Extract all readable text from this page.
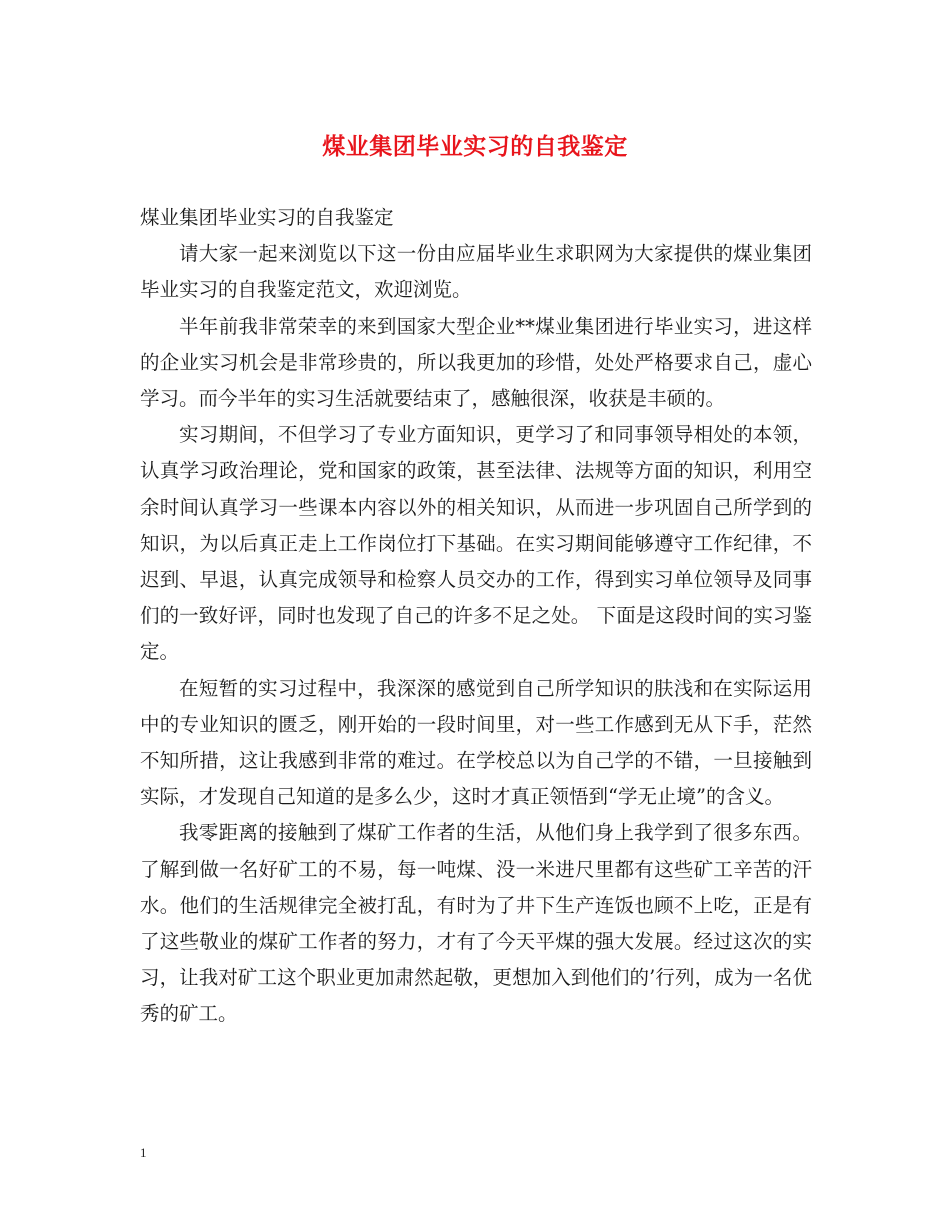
煤业集团毕业实习的自我鉴定

煤业集团毕业实习的自我鉴定

请大家一起来浏览以下这一份由应届毕业生求职网为大家提供的煤业集团毕业实习的自我鉴定范文，欢迎浏览。

半年前我非常荣幸的来到国家大型企业**煤业集团进行毕业实习，进这样的企业实习机会是非常珍贵的，所以我更加的珍惜，处处严格要求自己，虚心学习。而今半年的实习生活就要结束了，感触很深，收获是丰硕的。

实习期间，不但学习了专业方面知识，更学习了和同事领导相处的本领，认真学习政治理论，党和国家的政策，甚至法律、法规等方面的知识，利用空余时间认真学习一些课本内容以外的相关知识，从而进一步巩固自己所学到的知识，为以后真正走上工作岗位打下基础。在实习期间能够遵守工作纪律，不迟到、早退，认真完成领导和检察人员交办的工作，得到实习单位领导及同事们的一致好评，同时也发现了自己的许多不足之处。 下面是这段时间的实习鉴定。

在短暂的实习过程中，我深深的感觉到自己所学知识的肤浅和在实际运用中的专业知识的匮乏，刚开始的一段时间里，对一些工作感到无从下手，茫然不知所措，这让我感到非常的难过。在学校总以为自己学的不错，一旦接触到实际，才发现自己知道的是多么少，这时才真正领悟到“学无止境”的含义。

我零距离的接触到了煤矿工作者的生活，从他们身上我学到了很多东西。了解到做一名好矿工的不易，每一吨煤、没一米进尺里都有这些矿工辛苦的汗水。他们的生活规律完全被打乱，有时为了井下生产连饭也顾不上吃，正是有了这些敬业的煤矿工作者的努力，才有了今天平煤的强大发展。经过这次的实习，让我对矿工这个职业更加肃然起敬，更想加入到他们的’行列，成为一名优秀的矿工。

1
